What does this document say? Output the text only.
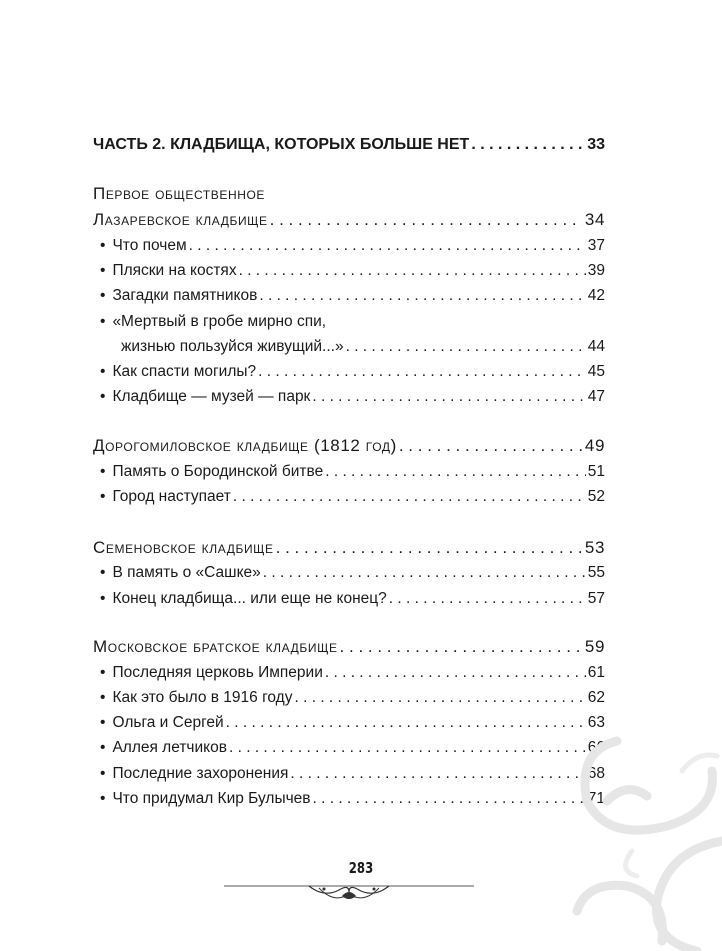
ЧАСТЬ 2. КЛАДБИЩА, КОТОРЫХ БОЛЬШЕ НЕТ . . .	33
Первое общественное
Лазаревское кладбище . . .	34
• Что почем . . .	37
• Пляски на костях . . .	39
• Загадки памятников . . .	42
• «Мертвый в гробе мирно спи,
жизнью пользуйся живущий...» . . .	44
• Как спасти могилы? . . .	45
• Кладбище — музей — парк . . .	47
Дорогомиловское кладбище (1812 год) . . .	49
• Память о Бородинской битве . . .	51
• Город наступает . . .	52
Семеновское кладбище . . .	53
• В память о «Сашке» . . .	55
• Конец кладбища... или еще не конец? . . .	57
Московское братское кладбище . . .	59
• Последняя церковь Империи . . .	61
• Как это было в 1916 году . . .	62
• Ольга и Сергей . . .	63
• Аллея летчиков . . .	66
• Последние захоронения . . .	68
• Что придумал Кир Булычев . . .	71
283
